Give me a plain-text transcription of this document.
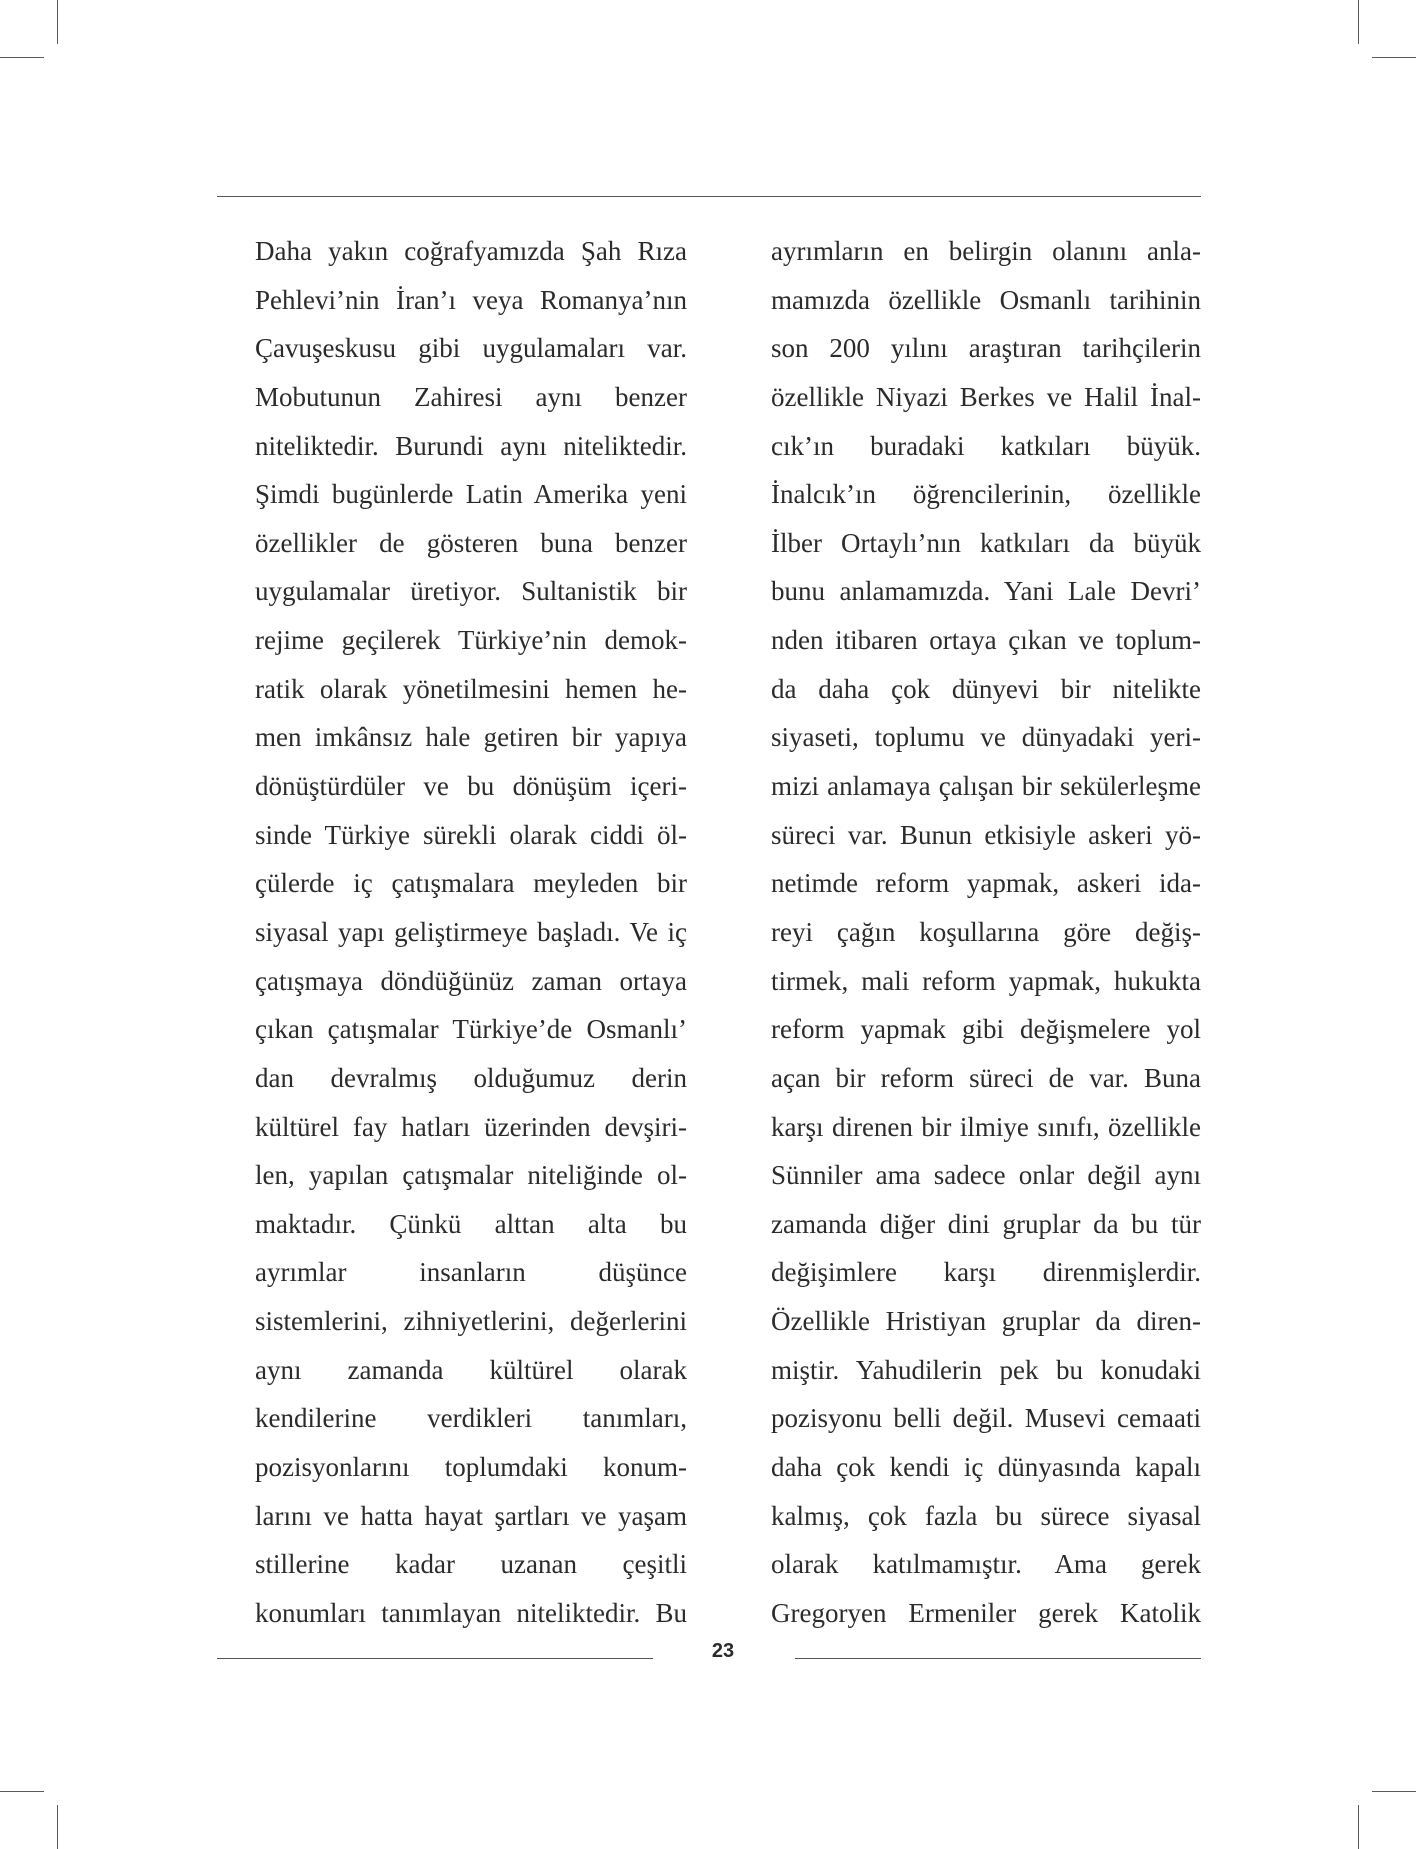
Daha yakın coğrafyamızda Şah Rıza
Pehlevi’nin İran’ı veya Romanya’nın
Çavuşeskusu gibi uygulamaları var.
Mobutunun Zahiresi aynı benzer
niteliktedir. Burundi aynı niteliktedir.
Şimdi bugünlerde Latin Amerika yeni
özellikler de gösteren buna benzer
uygulamalar üretiyor. Sultanistik bir
rejime geçilerek Türkiye’nin demok-
ratik olarak yönetilmesini hemen he-
men imkânsız hale getiren bir yapıya
dönüştürdüler ve bu dönüşüm içeri-
sinde Türkiye sürekli olarak ciddi öl-
çülerde iç çatışmalara meyleden bir
siyasal yapı geliştirmeye başladı. Ve iç
çatışmaya döndüğünüz zaman ortaya
çıkan çatışmalar Türkiye’de Osmanlı’
dan devralmış olduğumuz derin
kültürel fay hatları üzerinden devşiri-
len, yapılan çatışmalar niteliğinde ol-
maktadır. Çünkü alttan alta bu
ayrımlar insanların düşünce
sistemlerini, zihniyetlerini, değerlerini
aynı zamanda kültürel olarak
kendilerine verdikleri tanımları,
pozisyonlarını toplumdaki konum-
larını ve hatta hayat şartları ve yaşam
stillerine kadar uzanan çeşitli
konumları tanımlayan niteliktedir. Bu
ayrımların en belirgin olanını anla-
mamızda özellikle Osmanlı tarihinin
son 200 yılını araştıran tarihçilerin
özellikle Niyazi Berkes ve Halil İnal-
cık’ın buradaki katkıları büyük.
İnalcık’ın öğrencilerinin, özellikle
İlber Ortaylı’nın katkıları da büyük
bunu anlamamızda. Yani Lale Devri’
nden itibaren ortaya çıkan ve toplum-
da daha çok dünyevi bir nitelikte
siyaseti, toplumu ve dünyadaki yeri-
mizi anlamaya çalışan bir sekülerleşme
süreci var. Bunun etkisiyle askeri yö-
netimde reform yapmak, askeri ida-
reyi çağın koşullarına göre değiş-
tirmek, mali reform yapmak, hukukta
reform yapmak gibi değişmelere yol
açan bir reform süreci de var. Buna
karşı direnen bir ilmiye sınıfı, özellikle
Sünniler ama sadece onlar değil aynı
zamanda diğer dini gruplar da bu tür
değişimlere karşı direnmişlerdir.
Özellikle Hristiyan gruplar da diren-
miştir. Yahudilerin pek bu konudaki
pozisyonu belli değil. Musevi cemaati
daha çok kendi iç dünyasında kapalı
kalmış, çok fazla bu sürece siyasal
olarak katılmamıştır. Ama gerek
Gregoryen Ermeniler gerek Katolik
23
